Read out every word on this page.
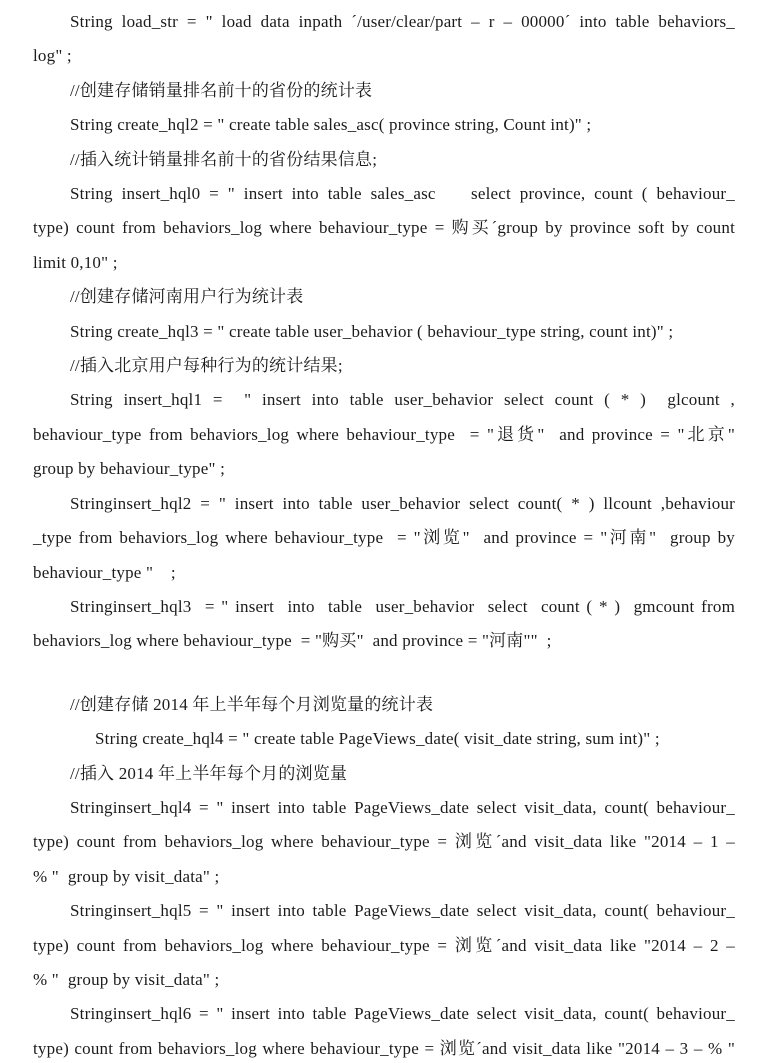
String load_str = " load data inpath ´/user/clear/part – r – 00000´ into table behaviors_
log" ;
//创建存储销量排名前十的省份的统计表
String create_hql2 = " create table sales_asc( province string, Count int)" ;
//插入统计销量排名前十的省份结果信息;
String insert_hql0 = " insert into table sales_asc    select province, count ( behaviour_
type) count from behaviors_log where behaviour_type = 购买´group by province soft by count
limit 0,10" ;
//创建存储河南用户行为统计表
String create_hql3 = " create table user_behavior ( behaviour_type string, count int)" ;
//插入北京用户每种行为的统计结果;
String insert_hql1 =  " insert into table user_behavior select count ( * )  glcount ,
behaviour_type from behaviors_log where behaviour_type  = "退货"  and province = "北京"
group by behaviour_type" ;
Stringinsert_hql2 = " insert into table user_behavior select count( * ) llcount ,behaviour
_type from behaviors_log where behaviour_type  = "浏览"  and province = "河南"  group by
behaviour_type "    ;
Stringinsert_hql3  = " insert  into  table  user_behavior  select  count ( * )  gmcount from
behaviors_log where behaviour_type  = "购买"  and province = "河南""  ;
//创建存储 2014 年上半年每个月浏览量的统计表
String create_hql4 = " create table PageViews_date( visit_date string, sum int)" ;
//插入 2014 年上半年每个月的浏览量
Stringinsert_hql4 = " insert into table PageViews_date select visit_data, count( behaviour_
type) count from behaviors_log where behaviour_type = 浏览´and visit_data like "2014 – 1 –
% "  group by visit_data" ;
Stringinsert_hql5 = " insert into table PageViews_date select visit_data, count( behaviour_
type) count from behaviors_log where behaviour_type = 浏览´and visit_data like "2014 – 2 –
% "  group by visit_data" ;
Stringinsert_hql6 = " insert into table PageViews_date select visit_data, count( behaviour_
type) count from behaviors_log where behaviour_type = 浏览´and visit_data like "2014 – 3 – % "
